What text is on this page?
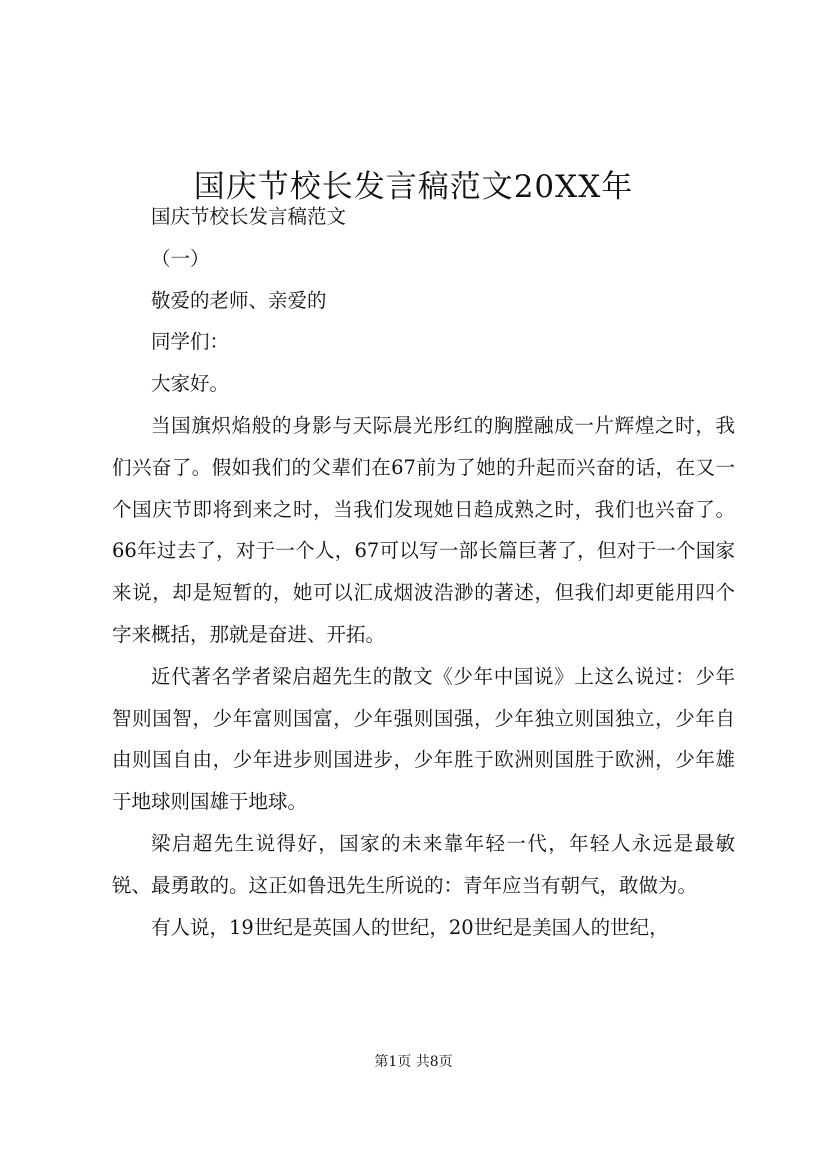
国庆节校长发言稿范文20XX年

国庆节校长发言稿范文

（一）

敬爱的老师、亲爱的

同学们：

大家好。

当国旗炽焰般的身影与天际晨光彤红的胸膛融成一片辉煌之时，我们兴奋了。假如我们的父辈们在67前为了她的升起而兴奋的话，在又一个国庆节即将到来之时，当我们发现她日趋成熟之时，我们也兴奋了。66年过去了，对于一个人，67可以写一部长篇巨著了，但对于一个国家来说，却是短暂的，她可以汇成烟波浩渺的著述，但我们却更能用四个字来概括，那就是奋进、开拓。

近代著名学者梁启超先生的散文《少年中国说》上这么说过：少年智则国智，少年富则国富，少年强则国强，少年独立则国独立，少年自由则国自由，少年进步则国进步，少年胜于欧洲则国胜于欧洲，少年雄于地球则国雄于地球。

梁启超先生说得好，国家的未来靠年轻一代，年轻人永远是最敏锐、最勇敢的。这正如鲁迅先生所说的：青年应当有朝气，敢做为。

有人说，19世纪是英国人的世纪，20世纪是美国人的世纪，

第1页 共8页
